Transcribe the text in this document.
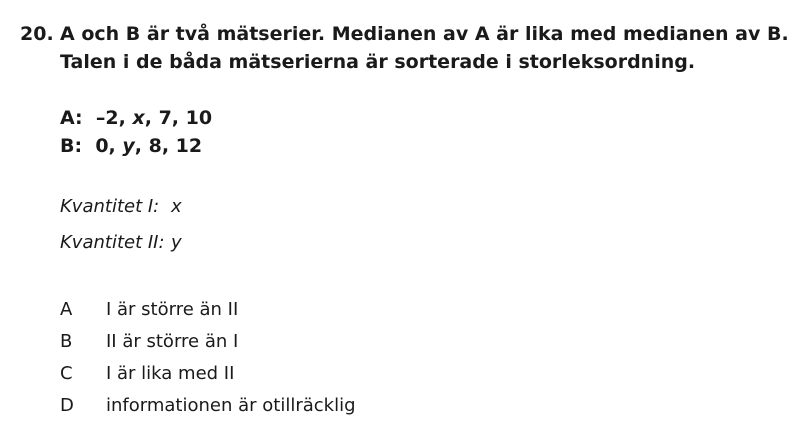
20. A och B är två mätserier. Medianen av A är lika med medianen av B.
Talen i de båda mätserierna är sorterade i storleksordning.
A: –2, x, 7, 10
B: 0, y, 8, 12
Kvantitet I: x
Kvantitet II: y
A I är större än II
B II är större än I
C I är lika med II
D informationen är otillräcklig
